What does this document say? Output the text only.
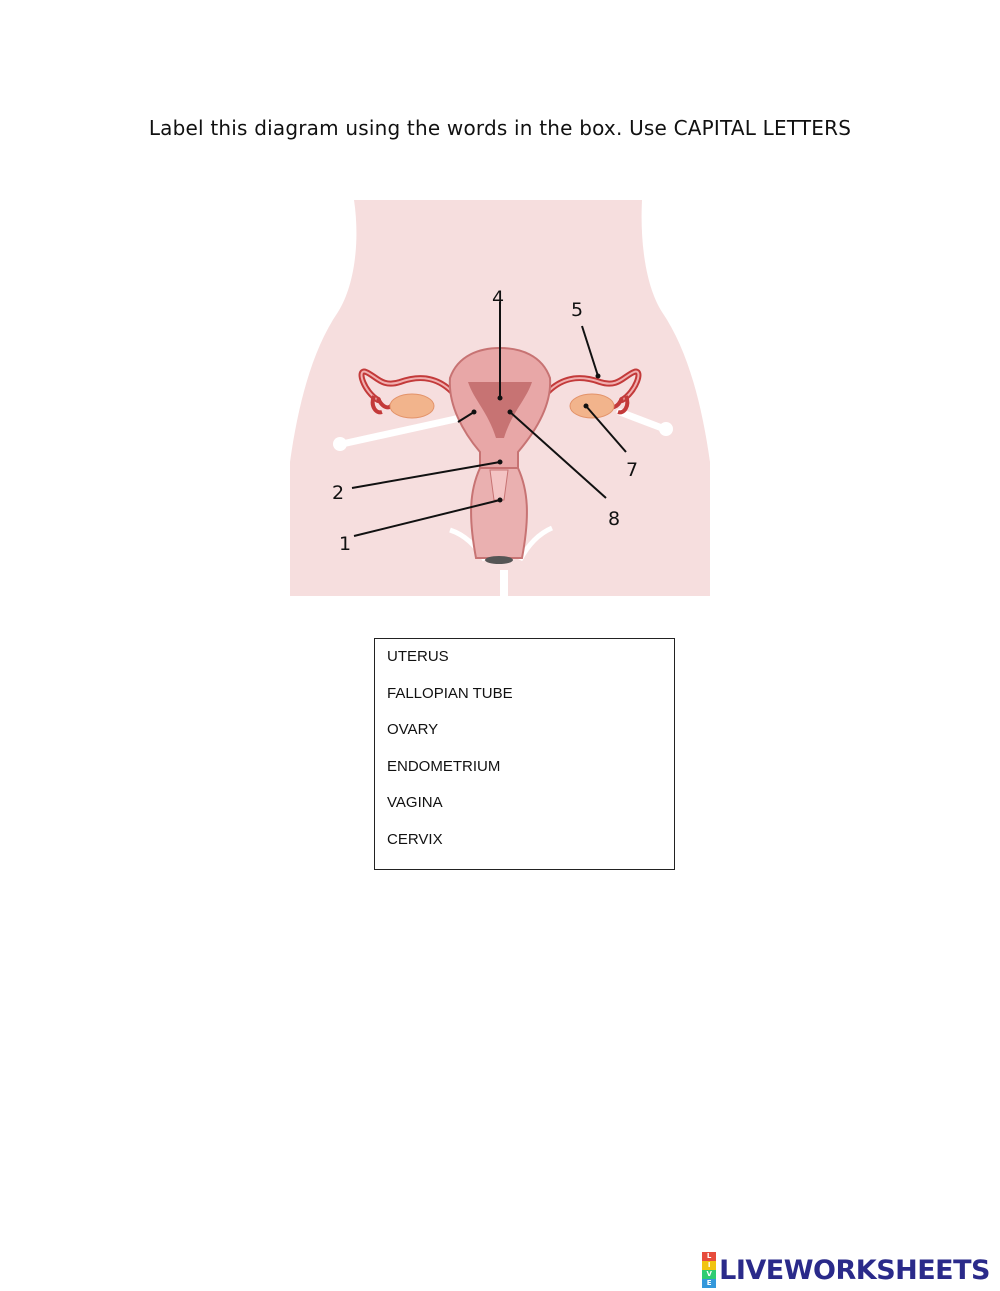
Label this diagram using the words in the box. Use CAPITAL LETTERS
4
5
7
2
8
1
UTERUS
FALLOPIAN TUBE
OVARY
ENDOMETRIUM
VAGINA
CERVIX
L
I
V
E LIVEWORKSHEETS
